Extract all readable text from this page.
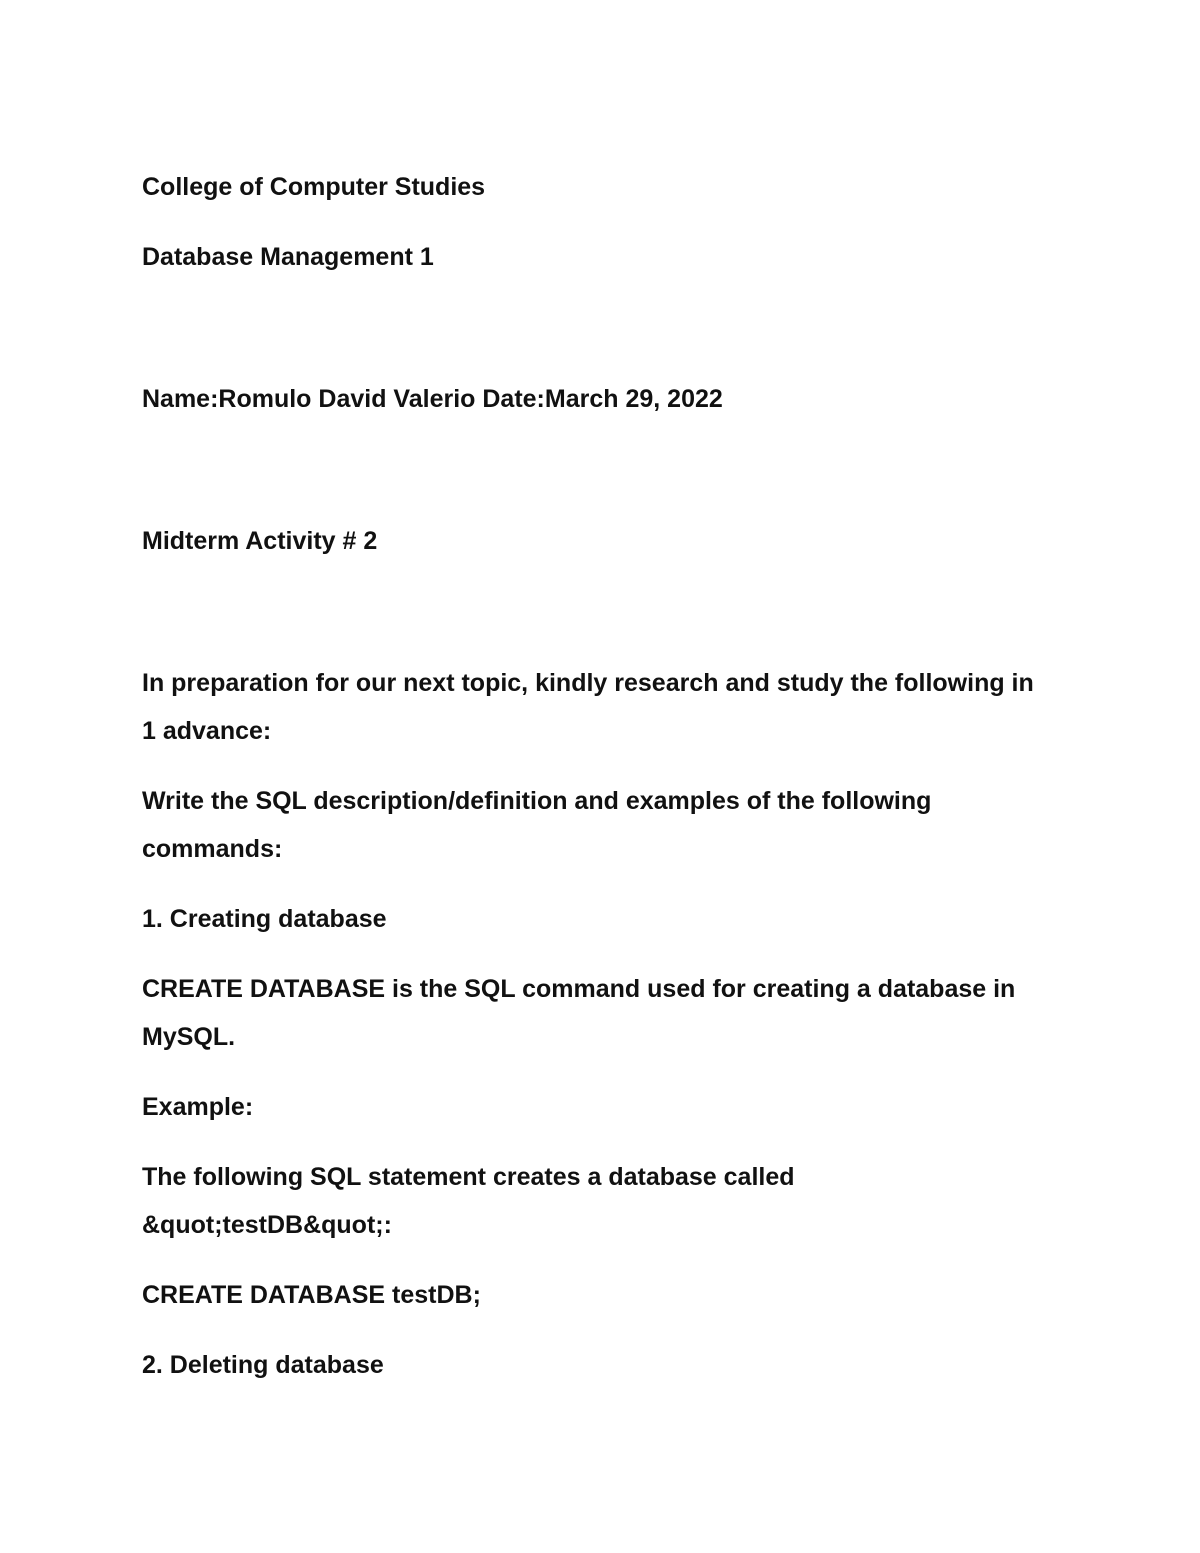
College of Computer Studies

Database Management 1

Name:Romulo David Valerio Date:March 29, 2022

Midterm Activity # 2

In preparation for our next topic, kindly research and study the following in 1 advance:

Write the SQL description/definition and examples of the following commands:

1. Creating database

CREATE DATABASE is the SQL command used for creating a database in MySQL.

Example:

The following SQL statement creates a database called &quot;testDB&quot;:

CREATE DATABASE testDB;

2. Deleting database
